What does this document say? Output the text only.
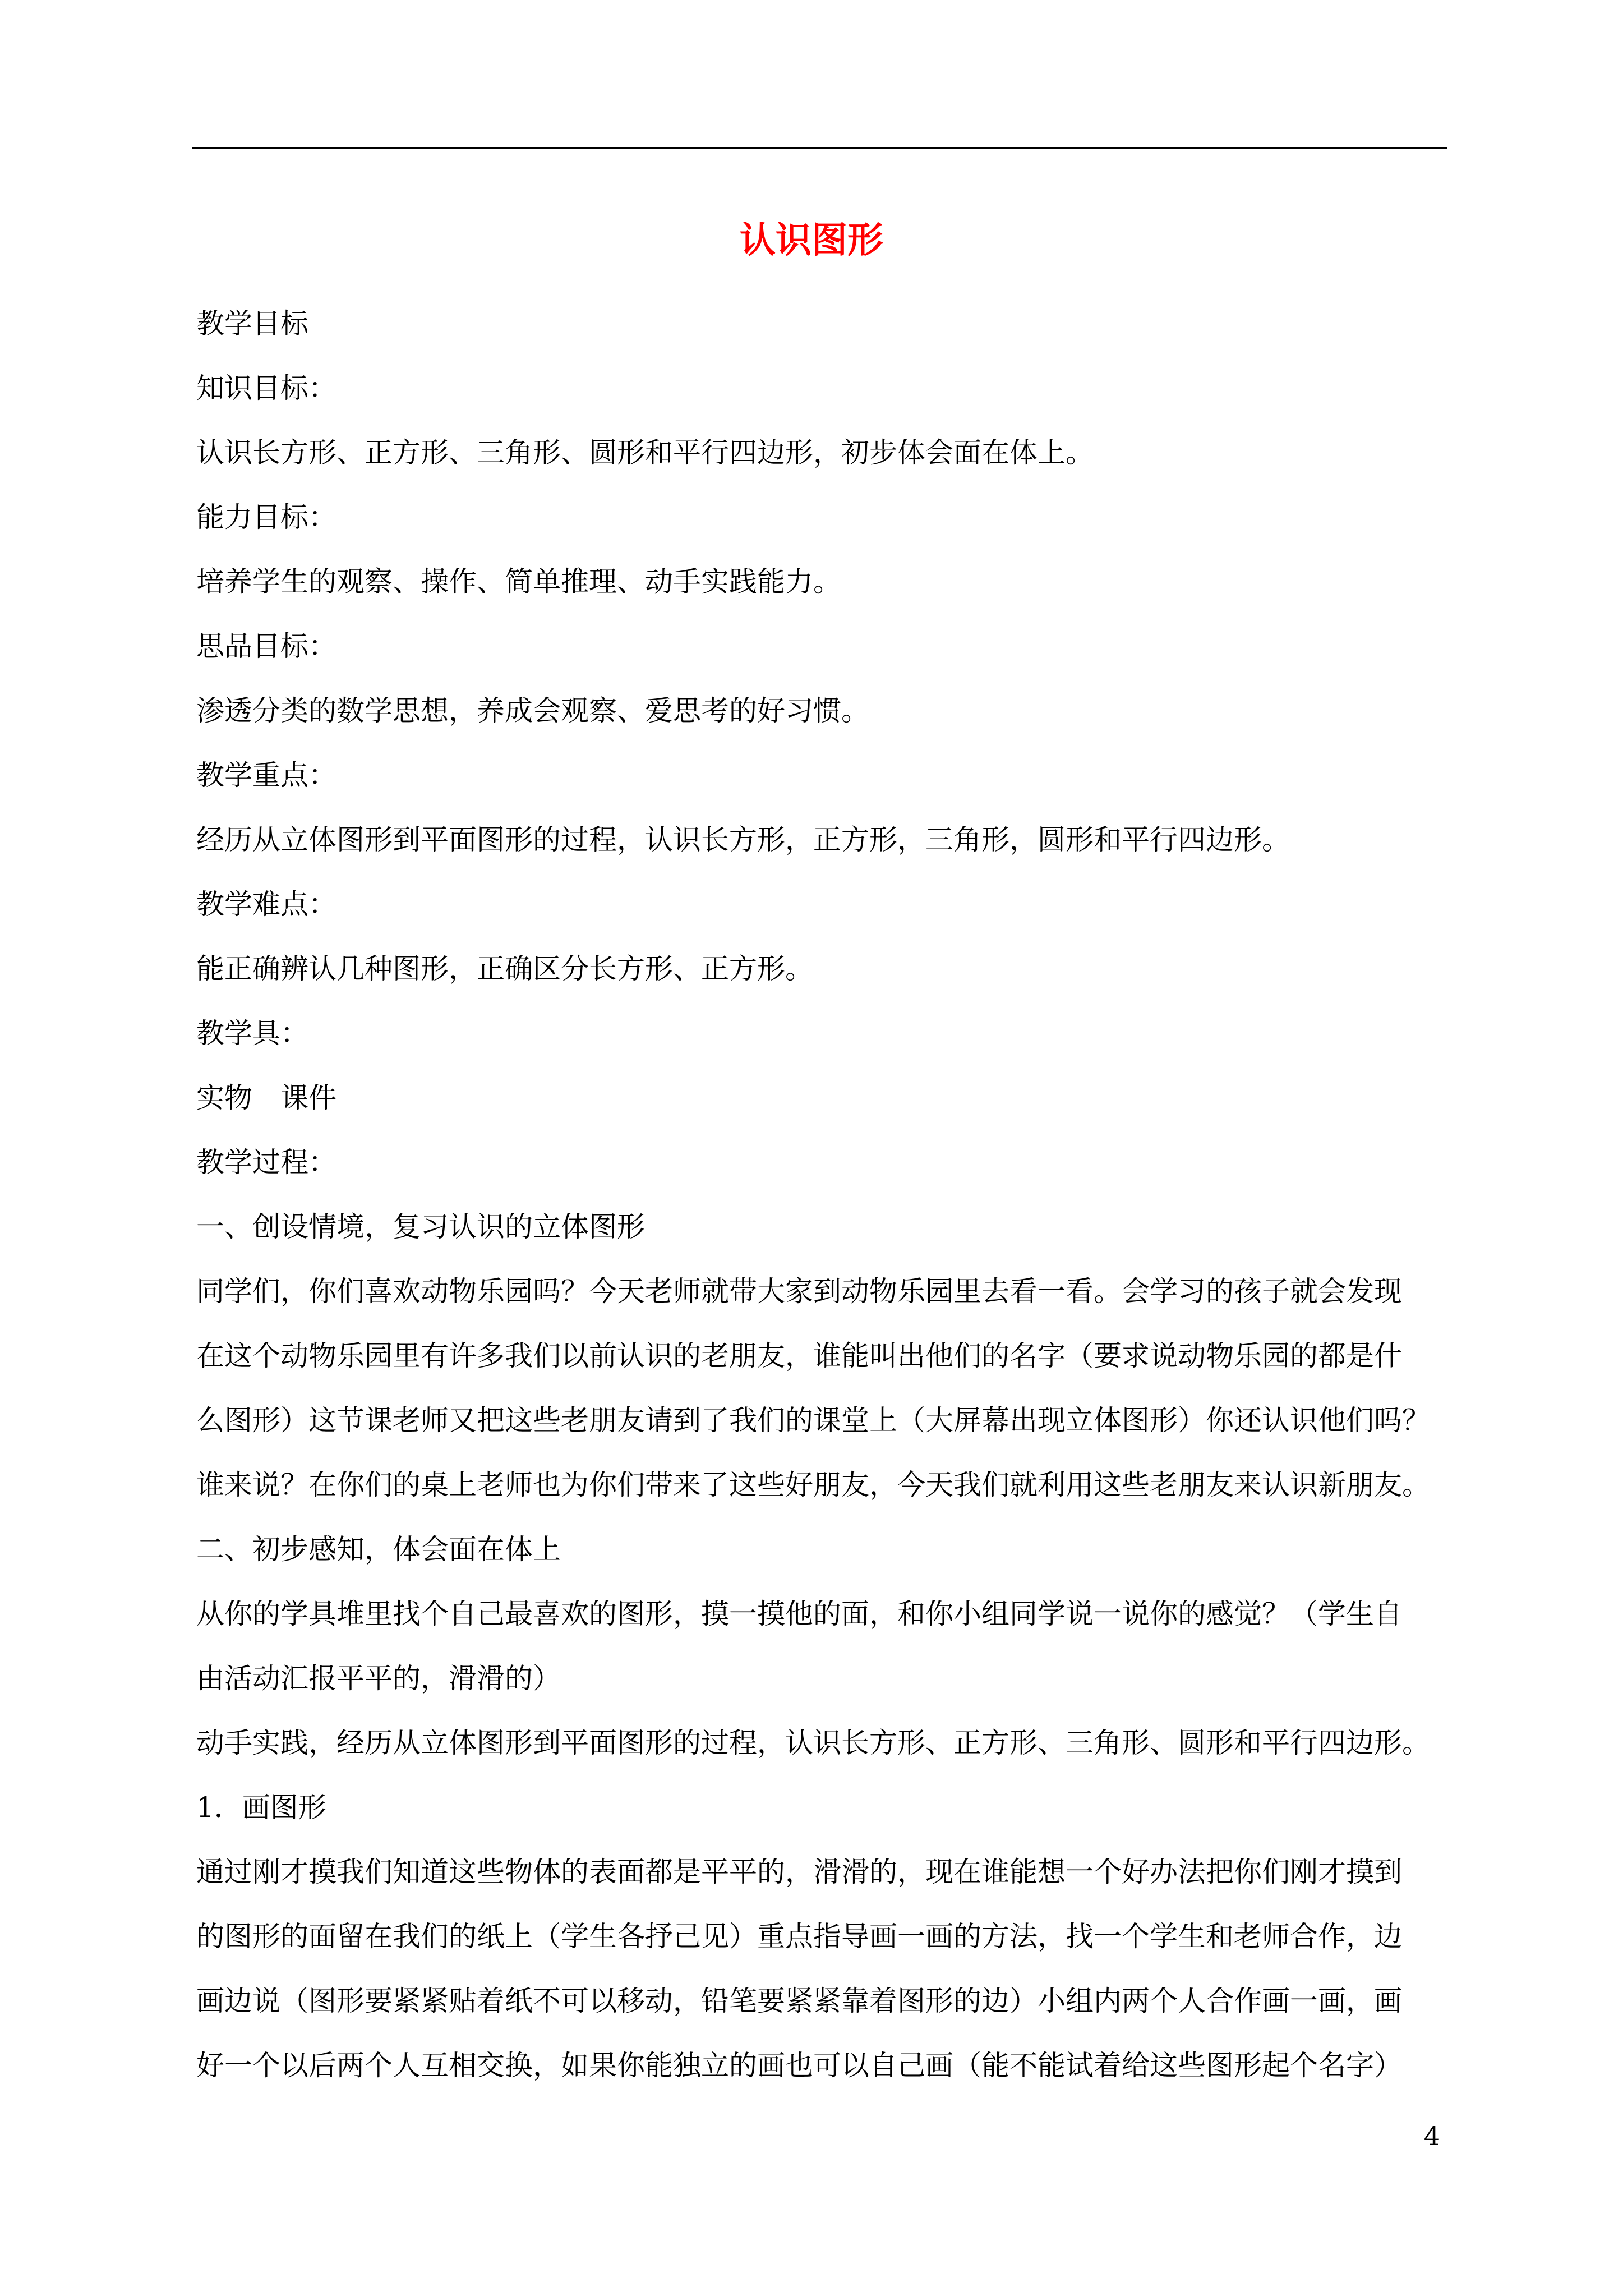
认识图形

教学目标

知识目标：

认识长方形、正方形、三角形、圆形和平行四边形，初步体会面在体上。

能力目标：

培养学生的观察、操作、简单推理、动手实践能力。

思品目标：

渗透分类的数学思想，养成会观察、爱思考的好习惯。

教学重点：

经历从立体图形到平面图形的过程，认识长方形，正方形，三角形，圆形和平行四边形。

教学难点：

能正确辨认几种图形，正确区分长方形、正方形。

教学具：

实物　课件

教学过程：

一、创设情境，复习认识的立体图形

同学们，你们喜欢动物乐园吗？今天老师就带大家到动物乐园里去看一看。会学习的孩子就会发现

在这个动物乐园里有许多我们以前认识的老朋友，谁能叫出他们的名字（要求说动物乐园的都是什

么图形）这节课老师又把这些老朋友请到了我们的课堂上（大屏幕出现立体图形）你还认识他们吗？

谁来说？在你们的桌上老师也为你们带来了这些好朋友，今天我们就利用这些老朋友来认识新朋友。

二、初步感知，体会面在体上

从你的学具堆里找个自己最喜欢的图形，摸一摸他的面，和你小组同学说一说你的感觉？（学生自

由活动汇报平平的，滑滑的）

动手实践，经历从立体图形到平面图形的过程，认识长方形、正方形、三角形、圆形和平行四边形。

1．画图形

通过刚才摸我们知道这些物体的表面都是平平的，滑滑的，现在谁能想一个好办法把你们刚才摸到

的图形的面留在我们的纸上（学生各抒己见）重点指导画一画的方法，找一个学生和老师合作，边

画边说（图形要紧紧贴着纸不可以移动，铅笔要紧紧靠着图形的边）小组内两个人合作画一画，画

好一个以后两个人互相交换，如果你能独立的画也可以自己画（能不能试着给这些图形起个名字）

4
